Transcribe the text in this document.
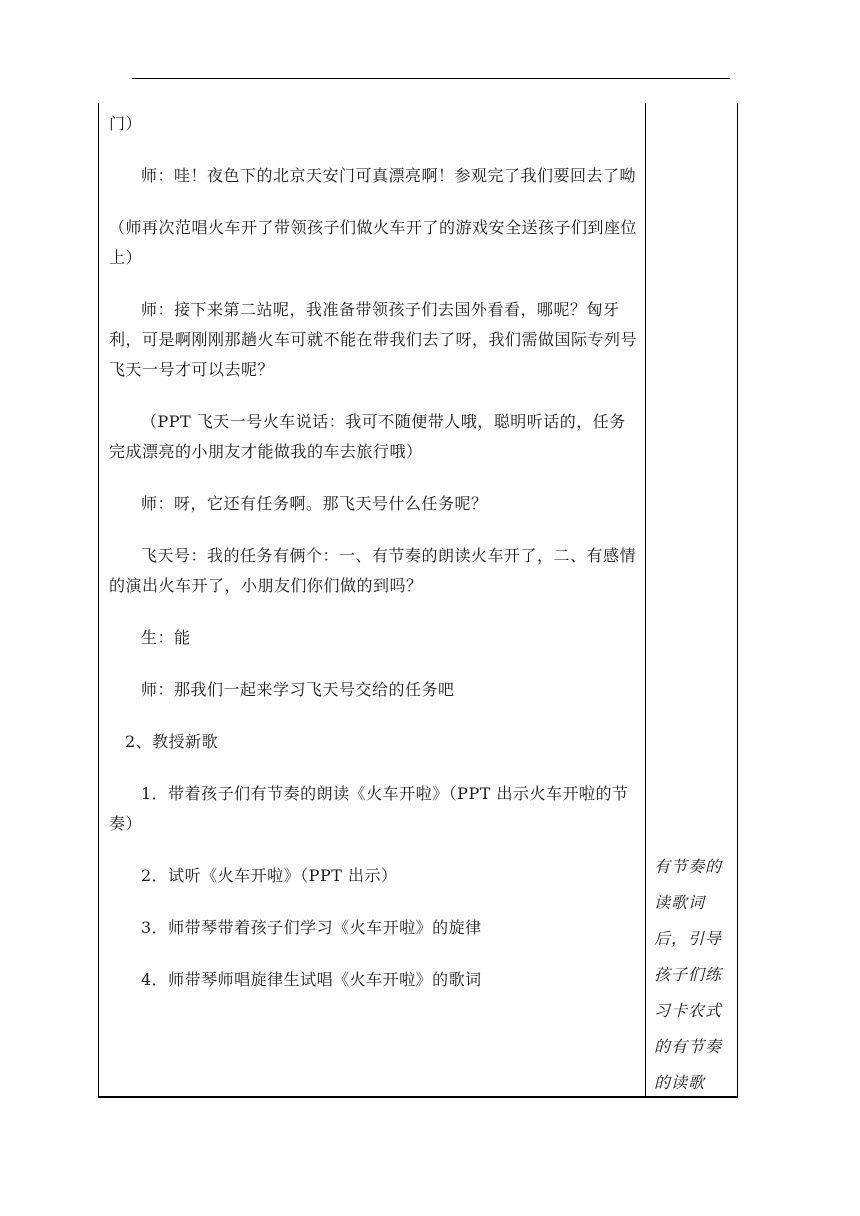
门）

师：哇！夜色下的北京天安门可真漂亮啊！参观完了我们要回去了呦

（师再次范唱火车开了带领孩子们做火车开了的游戏安全送孩子们到座位上）

师：接下来第二站呢，我准备带领孩子们去国外看看，哪呢？匈牙利，可是啊刚刚那趟火车可就不能在带我们去了呀，我们需做国际专列号飞天一号才可以去呢？

（PPT 飞天一号火车说话：我可不随便带人哦，聪明听话的，任务完成漂亮的小朋友才能做我的车去旅行哦）

师：呀，它还有任务啊。那飞天号什么任务呢？

飞天号：我的任务有俩个：一、有节奏的朗读火车开了，二、有感情的演出火车开了，小朋友们你们做的到吗？

生：能

师：那我们一起来学习飞天号交给的任务吧

2、教授新歌

1．带着孩子们有节奏的朗读《火车开啦》（PPT 出示火车开啦的节奏）

2．试听《火车开啦》（PPT 出示）

3．师带琴带着孩子们学习《火车开啦》的旋律

4．师带琴师唱旋律生试唱《火车开啦》的歌词

有节奏的读歌词后，引导孩子们练习卡农式的有节奏的读歌
